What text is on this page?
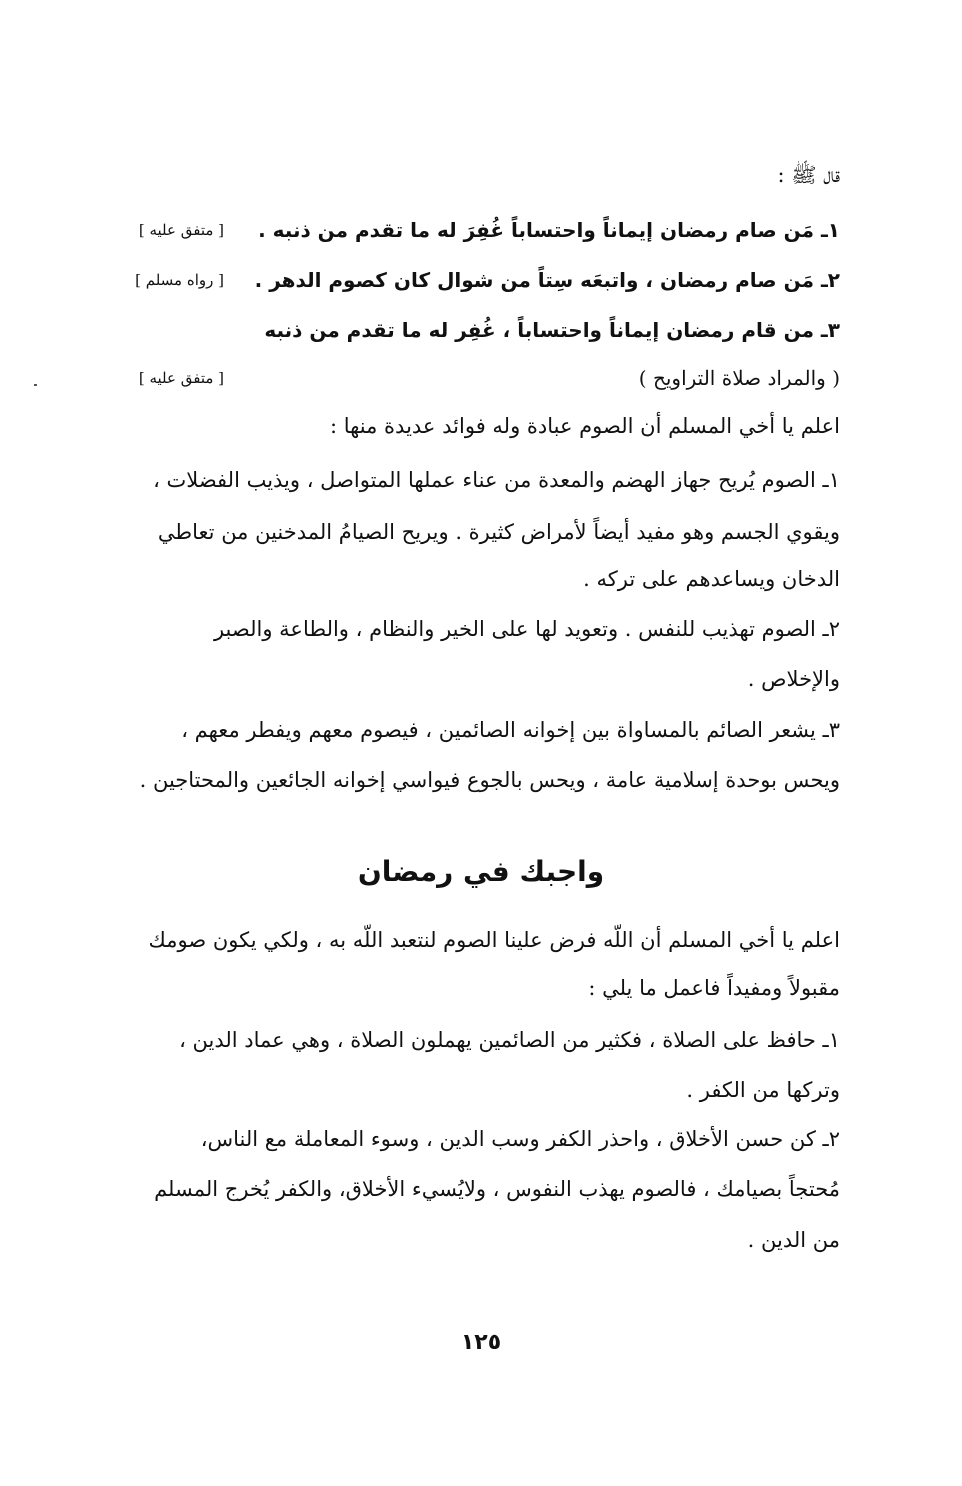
قال ﷺ :
١ـ مَن صام رمضان إيماناً واحتساباً غُفِرَ له ما تقدم من ذنبه .
[ متفق عليه ]
٢ـ مَن صام رمضان ، واتبعَه سِتاً من شوال كان كصوم الدهر .
[ رواه مسلم ]
٣ـ من قام رمضان إيماناً واحتساباً ، غُفِر له ما تقدم من ذنبه
( والمراد صلاة التراويح )
[ متفق عليه ]
اعلم يا أخي المسلم أن الصوم عبادة وله فوائد عديدة منها :
١ـ الصوم يُريح جهاز الهضم والمعدة من عناء عملها المتواصل ، ويذيب الفضلات ،
ويقوي الجسم وهو مفيد أيضاً لأمراض كثيرة . ويريح الصيامُ المدخنين من تعاطي
الدخان ويساعدهم على تركه .
٢ـ الصوم تهذيب للنفس . وتعويد لها على الخير والنظام ، والطاعة والصبر
والإخلاص .
٣ـ يشعر الصائم بالمساواة بين إخوانه الصائمين ، فيصوم معهم ويفطر معهم ،
ويحس بوحدة إسلامية عامة ، ويحس بالجوع فيواسي إخوانه الجائعين والمحتاجين .
واجبك في رمضان
اعلم يا أخي المسلم أن اللّه فرض علينا الصوم لنتعبد اللّه به ، ولكي يكون صومك
مقبولاً ومفيداً فاعمل ما يلي :
١ـ حافظ على الصلاة ، فكثير من الصائمين يهملون الصلاة ، وهي عماد الدين ،
وتركها من الكفر .
٢ـ كن حسن الأخلاق ، واحذر الكفر وسب الدين ، وسوء المعاملة مع الناس،
مُحتجاً بصيامك ، فالصوم يهذب النفوس ، ولايُسيء الأخلاق، والكفر يُخرج المسلم
من الدين .
١٢٥
